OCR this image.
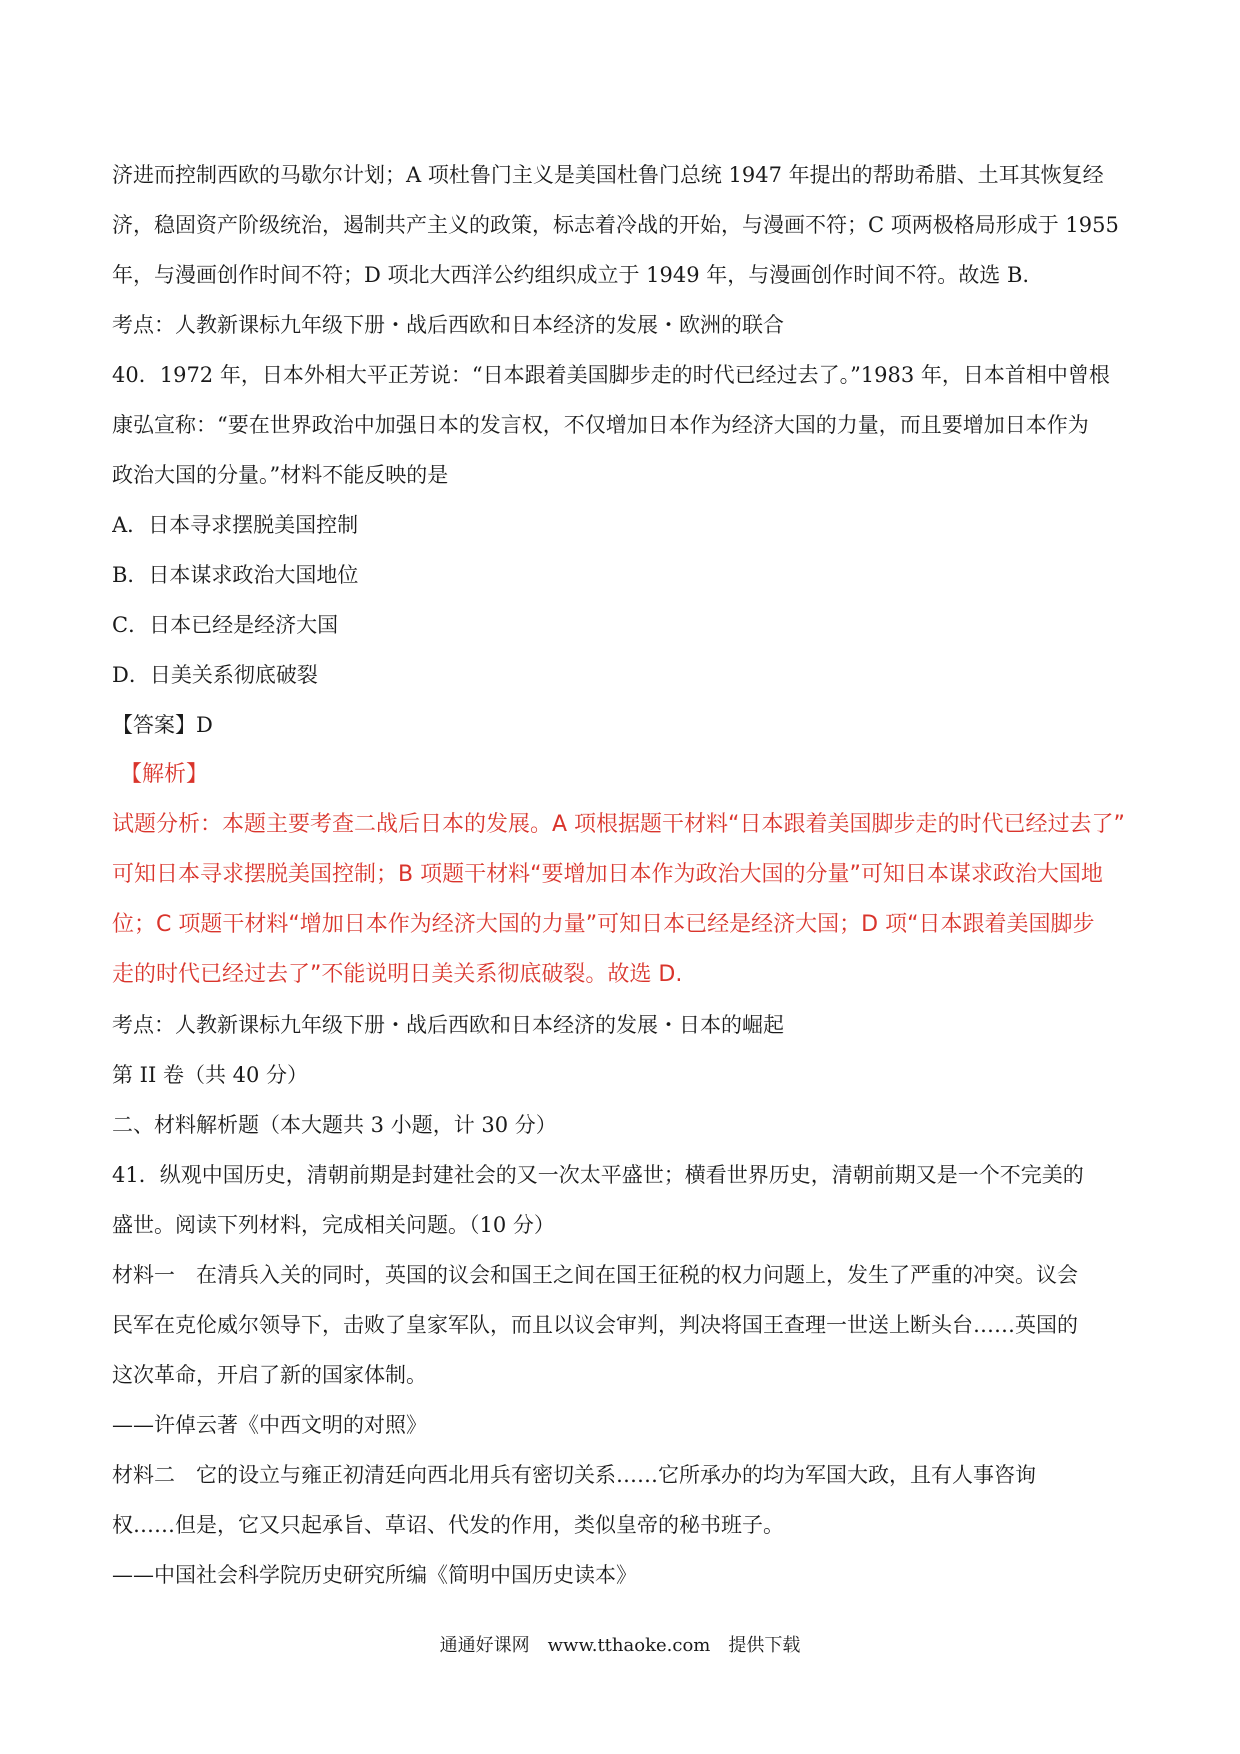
济进而控制西欧的马歇尔计划；A 项杜鲁门主义是美国杜鲁门总统 1947 年提出的帮助希腊、土耳其恢复经
济，稳固资产阶级统治，遏制共产主义的政策，标志着冷战的开始，与漫画不符；C 项两极格局形成于 1955
年，与漫画创作时间不符；D 项北大西洋公约组织成立于 1949 年，与漫画创作时间不符。故选 B.
考点：人教新课标九年级下册・战后西欧和日本经济的发展・欧洲的联合
40．1972 年，日本外相大平正芳说：“日本跟着美国脚步走的时代已经过去了。”1983 年，日本首相中曾根
康弘宣称：“要在世界政治中加强日本的发言权，不仅增加日本作为经济大国的力量，而且要增加日本作为
政治大国的分量。”材料不能反映的是
A．日本寻求摆脱美国控制
B．日本谋求政治大国地位
C．日本已经是经济大国
D．日美关系彻底破裂
【答案】D
【解析】
试题分析：本题主要考查二战后日本的发展。A 项根据题干材料“日本跟着美国脚步走的时代已经过去了”
可知日本寻求摆脱美国控制；B 项题干材料“要增加日本作为政治大国的分量”可知日本谋求政治大国地
位；C 项题干材料“增加日本作为经济大国的力量”可知日本已经是经济大国；D 项“日本跟着美国脚步
走的时代已经过去了”不能说明日美关系彻底破裂。故选 D.
考点：人教新课标九年级下册・战后西欧和日本经济的发展・日本的崛起
第 II 卷（共 40 分）
二、材料解析题（本大题共 3 小题，计 30 分）
41．纵观中国历史，清朝前期是封建社会的又一次太平盛世；横看世界历史，清朝前期又是一个不完美的
盛世。阅读下列材料，完成相关问题。（10 分）
材料一　在清兵入关的同时，英国的议会和国王之间在国王征税的权力问题上，发生了严重的冲突。议会
民军在克伦威尔领导下，击败了皇家军队，而且以议会审判，判决将国王查理一世送上断头台……英国的
这次革命，开启了新的国家体制。
——许倬云著《中西文明的对照》
材料二　它的设立与雍正初清廷向西北用兵有密切关系……它所承办的均为军国大政，且有人事咨询
权……但是，它又只起承旨、草诏、代发的作用，类似皇帝的秘书班子。
——中国社会科学院历史研究所编《简明中国历史读本》
通通好课网　www.tthaoke.com　提供下载
